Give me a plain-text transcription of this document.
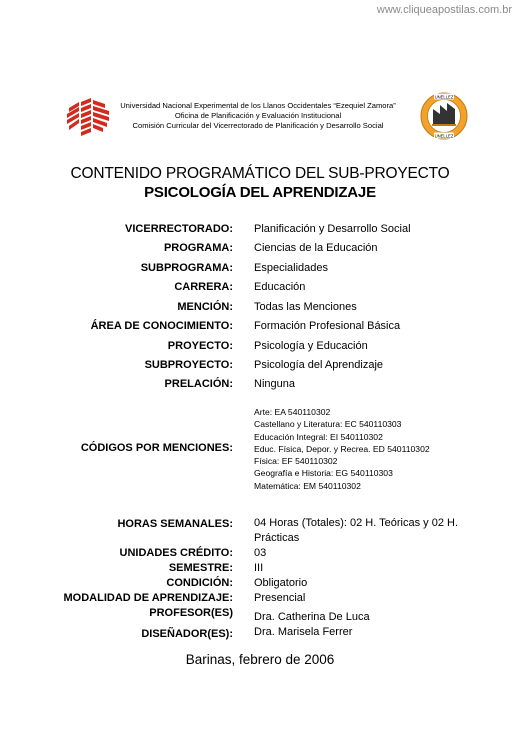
www.cliqueapostilas.com.br
Universidad Nacional Experimental de los Llanos Occidentales “Ezequiel Zamora”
Oficina de Planificación y Evaluación Institucional
Comisión Curricular del Vicerrectorado de Planificación y Desarrollo Social
UNELLEZ
UNELLEZ
CONTENIDO PROGRAMÁTICO DEL SUB-PROYECTO
PSICOLOGÍA DEL APRENDIZAJE
VICERRECTORADO: Planificación y Desarrollo Social
PROGRAMA: Ciencias de la Educación
SUBPROGRAMA: Especialidades
CARRERA: Educación
MENCIÓN: Todas las Menciones
ÁREA DE CONOCIMIENTO: Formación Profesional Básica
PROYECTO: Psicología y Educación
SUBPROYECTO: Psicología del Aprendizaje
PRELACIÓN: Ninguna
CÓDIGOS POR MENCIONES:
Arte: EA 540110302
Castellano y Literatura: EC 540110303
Educación Integral: EI 540110302
Educ. Física, Depor. y Recrea. ED 540110302
Física: EF 540110302
Geografía e Historia: EG 540110303
Matemática: EM 540110302
HORAS SEMANALES: 04 Horas (Totales): 02 H. Teóricas y 02 H. Prácticas
UNIDADES CRÉDITO: 03
SEMESTRE: III
CONDICIÓN: Obligatorio
MODALIDAD DE APRENDIZAJE: Presencial
PROFESOR(ES) Dra. Catherina De Luca
DISEÑADOR(ES): Dra. Marisela Ferrer
Barinas, febrero de 2006
